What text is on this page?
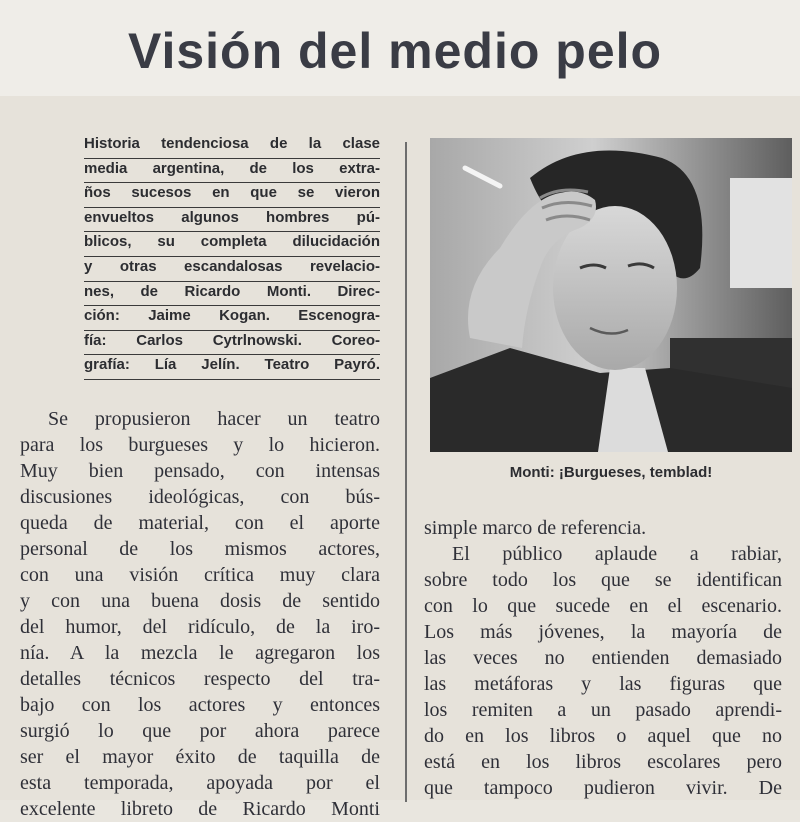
Visión del medio pelo
Historia tendenciosa de la clase
media argentina, de los extra-
ños sucesos en que se vieron
envueltos algunos hombres pú-
blicos, su completa dilucidación
y otras escandalosas revelacio-
nes, de Ricardo Monti. Direc-
ción: Jaime Kogan. Escenogra-
fía: Carlos Cytrlnowski. Coreo-
grafía: Lía Jelín. Teatro Payró.
Se propusieron hacer un teatro
para los burgueses y lo hicieron.
Muy bien pensado, con intensas
discusiones ideológicas, con bús-
queda de material, con el aporte
personal de los mismos actores,
con una visión crítica muy clara
y con una buena dosis de sentido
del humor, del ridículo, de la iro-
nía. A la mezcla le agregaron los
detalles técnicos respecto del tra-
bajo con los actores y entonces
surgió lo que por ahora parece
ser el mayor éxito de taquilla de
esta temporada, apoyada por el
excelente libreto de Ricardo Monti
Monti: ¡Burgueses, temblad!
simple marco de referencia.
El público aplaude a rabiar,
sobre todo los que se identifican
con lo que sucede en el escenario.
Los más jóvenes, la mayoría de
las veces no entienden demasiado
las metáforas y las figuras que
los remiten a un pasado aprendi-
do en los libros o aquel que no
está en los libros escolares pero
que tampoco pudieron vivir. De
